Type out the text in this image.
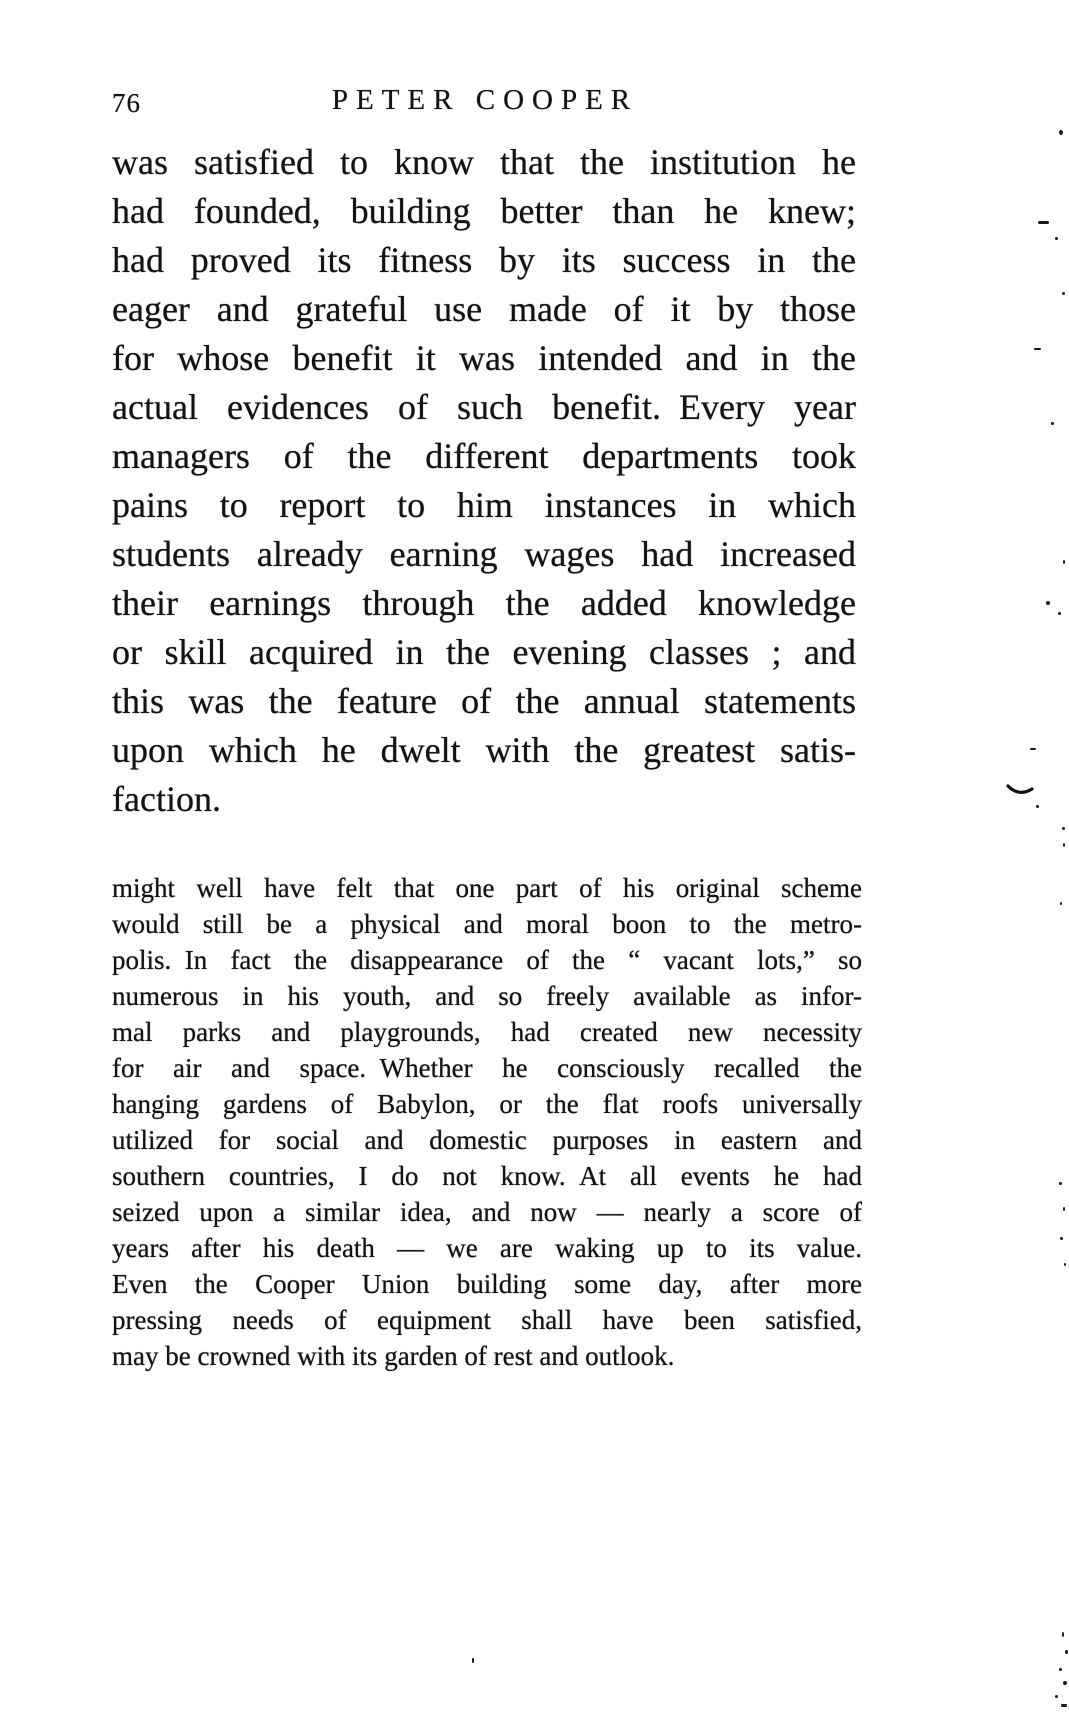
76	PETER COOPER
was satisfied to know that the institution he
had founded, building better than he knew;
had proved its fitness by its success in the
eager and grateful use made of it by those
for whose benefit it was intended and in the
actual evidences of such benefit. Every year
managers of the different departments took
pains to report to him instances in which
students already earning wages had increased
their earnings through the added knowledge
or skill acquired in the evening classes ; and
this was the feature of the annual statements
upon which he dwelt with the greatest satis-
faction.
might well have felt that one part of his original scheme
would still be a physical and moral boon to the metro-
polis. In fact the disappearance of the “ vacant lots,” so
numerous in his youth, and so freely available as infor-
mal parks and playgrounds, had created new necessity
for air and space. Whether he consciously recalled the
hanging gardens of Babylon, or the flat roofs universally
utilized for social and domestic purposes in eastern and
southern countries, I do not know. At all events he had
seized upon a similar idea, and now — nearly a score of
years after his death — we are waking up to its value.
Even the Cooper Union building some day, after more
pressing needs of equipment shall have been satisfied,
may be crowned with its garden of rest and outlook.
